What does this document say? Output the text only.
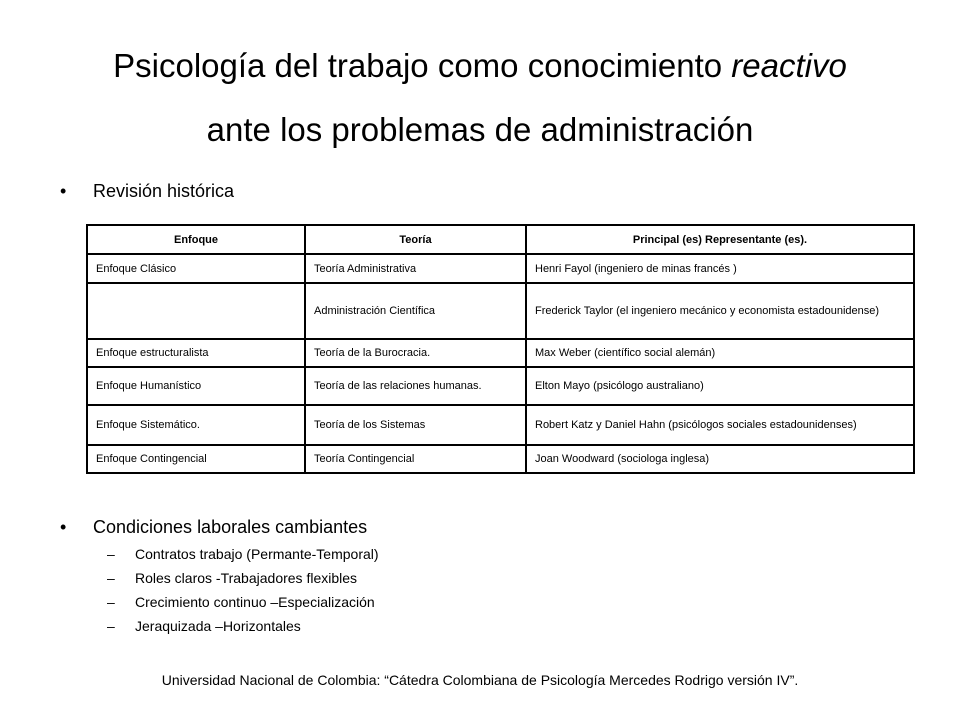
Psicología del trabajo como conocimiento reactivo
ante los problemas de administración
• Revisión histórica
Enfoque	Teoría	Principal (es) Representante (es).
Enfoque Clásico	Teoría Administrativa	Henri Fayol (ingeniero de minas francés )
	Administración Científica	Frederick Taylor (el ingeniero mecánico y economista estadounidense)

Enfoque estructuralista	Teoría de la Burocracia.	Max Weber (científico social alemán)
Enfoque Humanístico	Teoría de las relaciones humanas.	Elton Mayo (psicólogo australiano)
Enfoque Sistemático.	Teoría de los Sistemas	Robert Katz y Daniel Hahn (psicólogos sociales estadounidenses)

Enfoque Contingencial	Teoría Contingencial	Joan Woodward (sociologa inglesa)
• Condiciones laborales cambiantes
– Contratos trabajo (Permante-Temporal)
– Roles claros -Trabajadores flexibles
– Crecimiento continuo –Especialización
– Jeraquizada –Horizontales
Universidad Nacional de Colombia: “Cátedra Colombiana de Psicología Mercedes Rodrigo versión IV”.
